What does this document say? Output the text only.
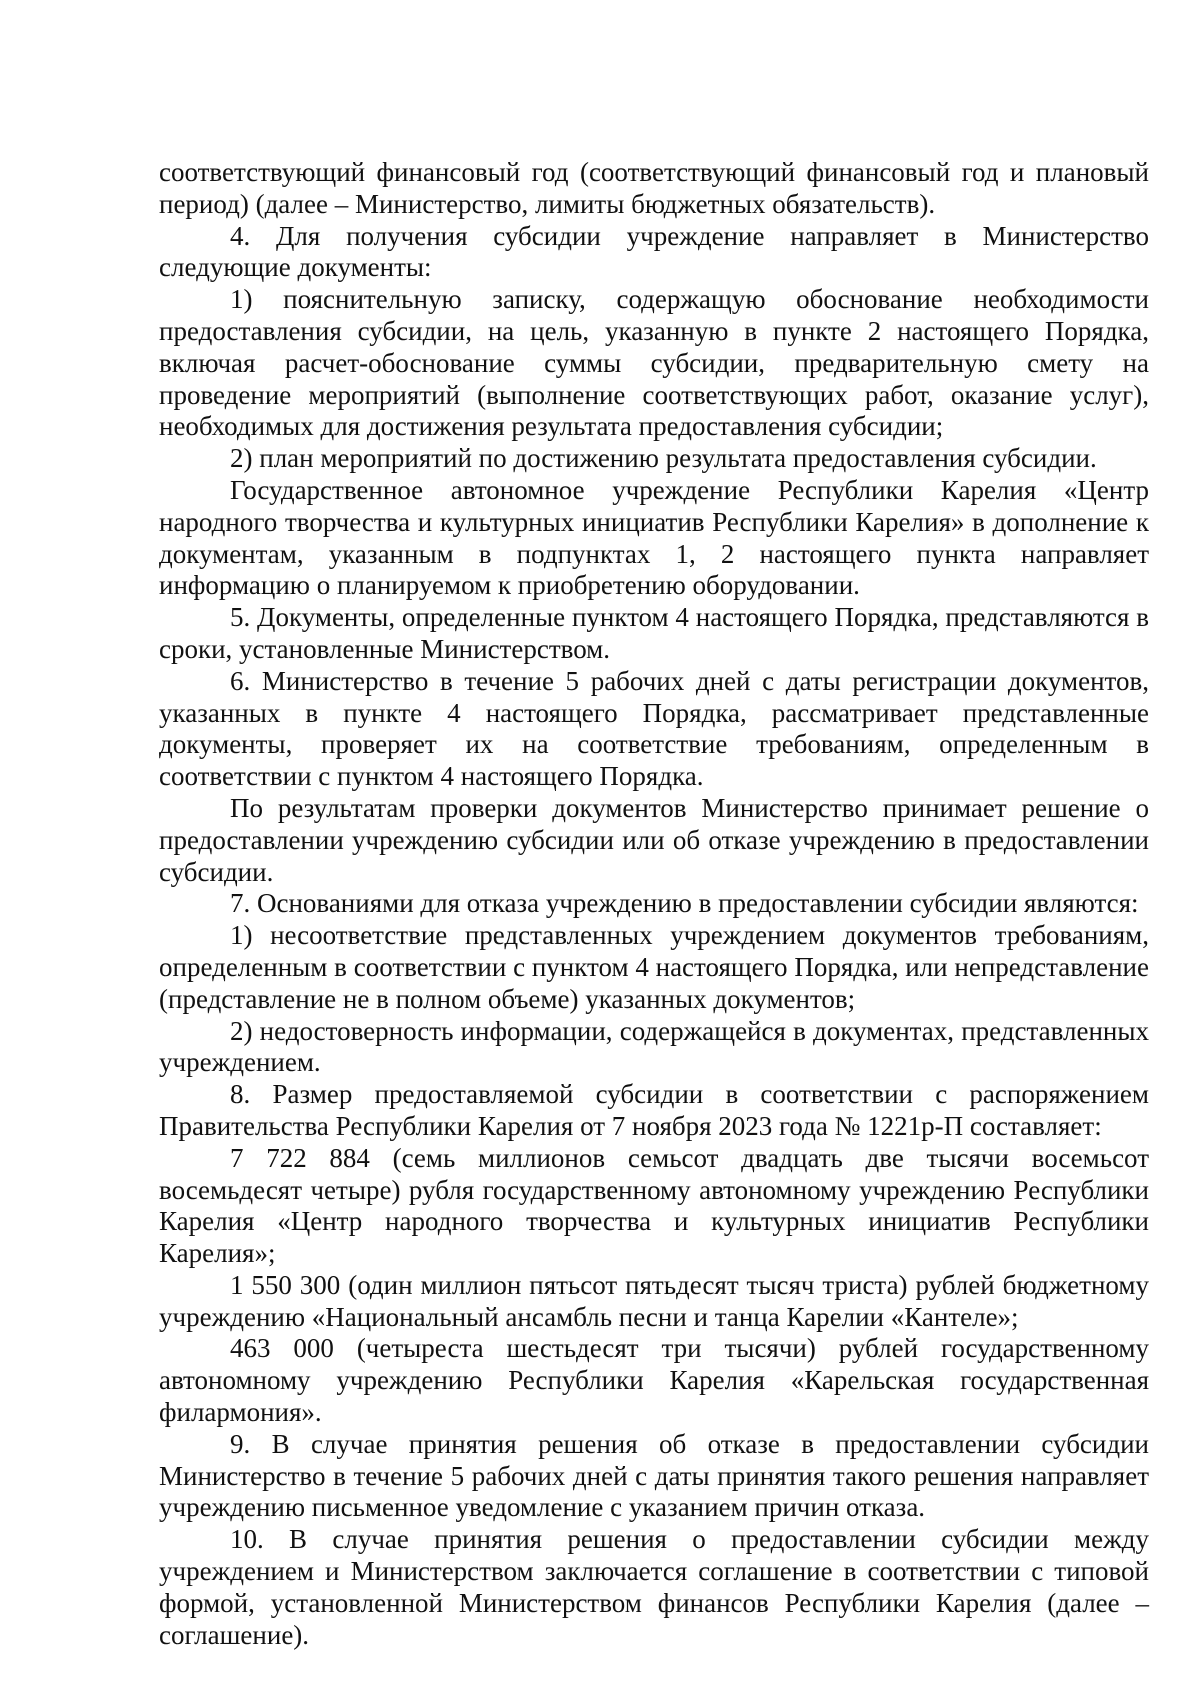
соответствующий финансовый год (соответствующий финансовый год и плановый период) (далее – Министерство, лимиты бюджетных обязательств).

4. Для получения субсидии учреждение направляет в Министерство следующие документы:

1) пояснительную записку, содержащую обоснование необходимости предоставления субсидии, на цель, указанную в пункте 2 настоящего Порядка, включая расчет-обоснование суммы субсидии, предварительную смету на проведение мероприятий (выполнение соответствующих работ, оказание услуг), необходимых для достижения результата предоставления субсидии;

2) план мероприятий по достижению результата предоставления субсидии.

Государственное автономное учреждение Республики Карелия «Центр народного творчества и культурных инициатив Республики Карелия» в дополнение к документам, указанным в подпунктах 1, 2 настоящего пункта направляет информацию о планируемом к приобретению оборудовании.

5. Документы, определенные пунктом 4 настоящего Порядка, представляются в сроки, установленные Министерством.

6. Министерство в течение 5 рабочих дней с даты регистрации документов, указанных в пункте 4 настоящего Порядка, рассматривает представленные документы, проверяет их на соответствие требованиям, определенным в соответствии с пунктом 4 настоящего Порядка.

По результатам проверки документов Министерство принимает решение о предоставлении учреждению субсидии или об отказе учреждению в предоставлении субсидии.

7. Основаниями для отказа учреждению в предоставлении субсидии являются:

1) несоответствие представленных учреждением документов требованиям, определенным в соответствии с пунктом 4 настоящего Порядка, или непредставление (представление не в полном объеме) указанных документов;

2) недостоверность информации, содержащейся в документах, представленных учреждением.

8. Размер предоставляемой субсидии в соответствии с распоряжением Правительства Республики Карелия от 7 ноября 2023 года № 1221р-П составляет:

7 722 884 (семь миллионов семьсот двадцать две тысячи восемьсот восемьдесят четыре) рубля государственному автономному учреждению Республики Карелия «Центр народного творчества и культурных инициатив Республики Карелия»;

1 550 300 (один миллион пятьсот пятьдесят тысяч триста) рублей бюджетному учреждению «Национальный ансамбль песни и танца Карелии «Кантеле»;

463 000 (четыреста шестьдесят три тысячи) рублей государственному автономному учреждению Республики Карелия «Карельская государственная филармония».

9. В случае принятия решения об отказе в предоставлении субсидии Министерство в течение 5 рабочих дней с даты принятия такого решения направляет учреждению письменное уведомление с указанием причин отказа.

10. В случае принятия решения о предоставлении субсидии между учреждением и Министерством заключается соглашение в соответствии с типовой формой, установленной Министерством финансов Республики Карелия (далее – соглашение).
